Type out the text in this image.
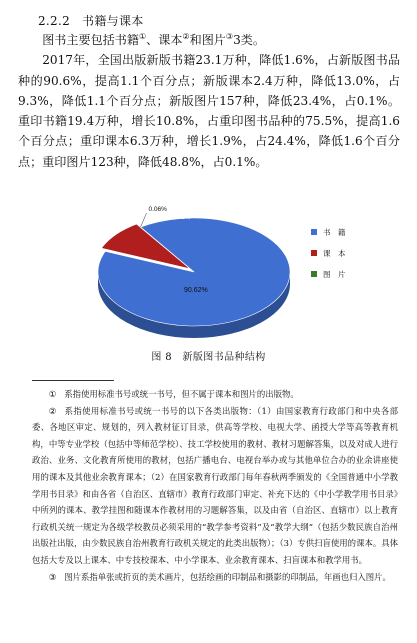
2.2.2 书籍与课本

图书主要包括书籍①、课本②和图片③3类。

2017年，全国出版新版书籍23.1万种，降低1.6%，占新版图书品种的90.6%，提高1.1个百分点；新版课本2.4万种，降低13.0%，占9.3%，降低1.1个百分点；新版图片157种，降低23.4%，占0.1%。重印书籍19.4万种，增长10.8%，占重印图书品种的75.5%，提高1.6个百分点；重印课本6.3万种，增长1.9%，占24.4%，降低1.6个百分点；重印图片123种，降低48.8%，占0.1%。

90.62%
9.32%
0.06%
书　籍
课　本
图　片
图 8　新版图书品种结构

① 系指使用标准书号或统一书号，但不属于课本和图片的出版物。

② 系指使用标准书号或统一书号的以下各类出版物：（1）由国家教育行政部门和中央各部委、各地区审定、规划的，列入教材征订目录，供高等学校、电视大学、函授大学等高等教育机构，中等专业学校（包括中等师范学校）、技工学校使用的教材、教材习题解答集，以及对成人进行政治、业务、文化教育所使用的教材，包括广播电台、电视台举办或与其他单位合办的业余讲座使用的课本及其他业余教育课本；（2）在国家教育行政部门每年春秋两季颁发的《全国普通中小学教学用书目录》和由各省（自治区、直辖市）教育行政部门审定、补充下达的《中小学教学用书目录》中所列的课本、教学挂图和随课本作教材用的习题解答集，以及由省（自治区、直辖市）以上教育行政机关统一规定为各级学校教员必须采用的“教学参考资料”及“教学大纲”（包括少数民族自治州出版社出版，由少数民族自治州教育行政机关规定的此类出版物）；（3）专供扫盲使用的课本。具体包括大专及以上课本、中专技校课本、中小学课本、业余教育课本、扫盲课本和教学用书。

③ 图片系指单张或折页的美术画片，包括绘画的印制品和摄影的印制品，年画也归入图片。
